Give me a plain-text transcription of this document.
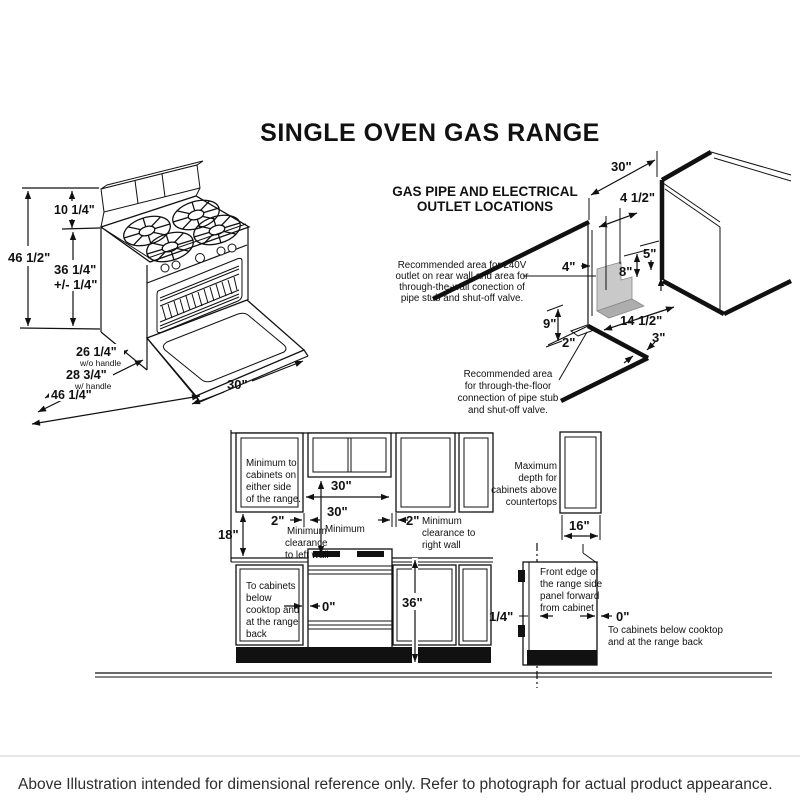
SINGLE OVEN GAS RANGE
10 1/4"
46 1/2"
36 1/4"
+/- 1/4"
26 1/4"
w/o handle
28 3/4"
w/ handle
46 1/4"
30"
GAS PIPE AND ELECTRICAL
OUTLET LOCATIONS
30"
4 1/2"
5"
4"	8"
9"
2"
14 1/2"
3"
Recommended area for 240V
outlet on rear wall and area for
through-the-wall conection of
pipe stub and shut-off valve.
Recommended area
for through-the-floor
connection of pipe stub
and shut-off valve.
18"
30"
30"
Minimum
2"	2"
0"	36"
Minimum to
cabinets on
either side
of the range.
Minimum
clearance
to left wall
Minimum
clearance to
right wall
To cabinets
below
cooktop and
at the range
back
16"
1/4"	0"
Maximum
depth for
cabinets above
countertops
Front edge of
the range side
panel forward
from cabinet
To cabinets below cooktop
and at the range back
Above Illustration intended for dimensional reference only. Refer to photograph for actual product appearance.
